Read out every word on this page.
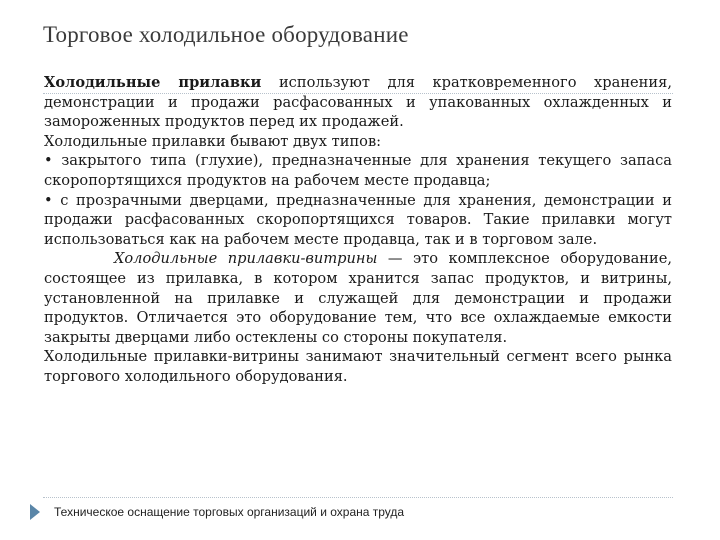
Торговое холодильное оборудование

Холодильные прилавки используют для кратковременного хранения, демонстрации и продажи расфасованных и упакованных охлажденных и замороженных продуктов перед их продажей.

Холодильные прилавки бывают двух типов:

• закрытого типа (глухие), предназначенные для хранения текущего запаса скоропортящихся продуктов на рабочем месте продавца;

• с прозрачными дверцами, предназначенные для хранения, демонстрации и продажи расфасованных скоропортящихся товаров. Такие прилавки могут использоваться как на рабочем месте продавца, так и в торговом зале.

Холодильные прилавки-витрины — это комплексное оборудование, состоящее из прилавка, в котором хранится запас продуктов, и витрины, установленной на прилавке и служащей для демонстрации и продажи продуктов. Отличается это оборудование тем, что все охлаждаемые емкости закрыты дверцами либо остеклены со стороны покупателя.

Холодильные прилавки-витрины занимают значительный сегмент всего рынка торгового холодильного оборудования.

Техническое оснащение торговых организаций и охрана труда
